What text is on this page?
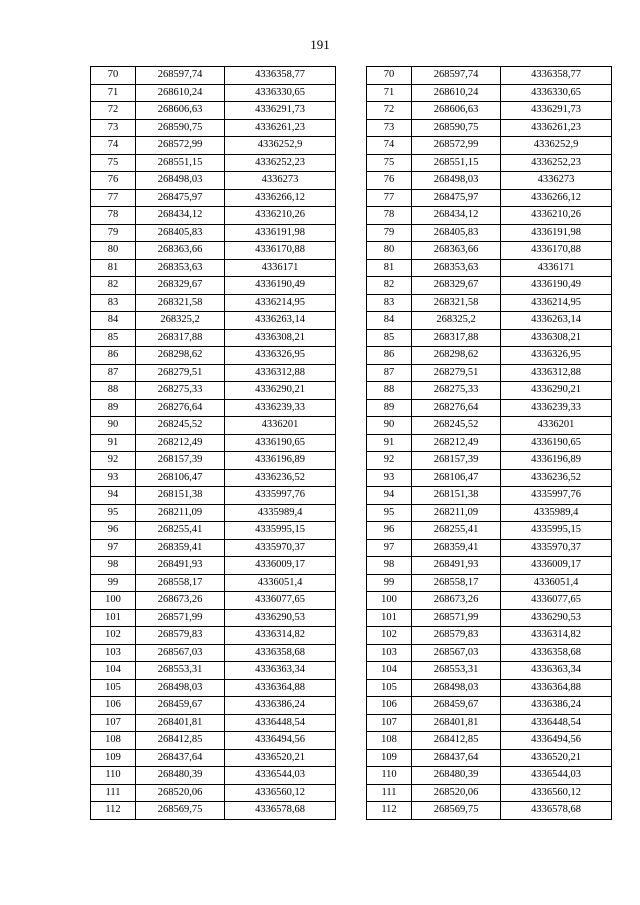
191
70	268597,74	4336358,77
71	268610,24	4336330,65
72	268606,63	4336291,73
73	268590,75	4336261,23
74	268572,99	4336252,9
75	268551,15	4336252,23
76	268498,03	4336273
77	268475,97	4336266,12
78	268434,12	4336210,26
79	268405,83	4336191,98
80	268363,66	4336170,88
81	268353,63	4336171
82	268329,67	4336190,49
83	268321,58	4336214,95
84	268325,2	4336263,14
85	268317,88	4336308,21
86	268298,62	4336326,95
87	268279,51	4336312,88
88	268275,33	4336290,21
89	268276,64	4336239,33
90	268245,52	4336201
91	268212,49	4336190,65
92	268157,39	4336196,89
93	268106,47	4336236,52
94	268151,38	4335997,76
95	268211,09	4335989,4
96	268255,41	4335995,15
97	268359,41	4335970,37
98	268491,93	4336009,17
99	268558,17	4336051,4
100	268673,26	4336077,65
101	268571,99	4336290,53
102	268579,83	4336314,82
103	268567,03	4336358,68
104	268553,31	4336363,34
105	268498,03	4336364,88
106	268459,67	4336386,24
107	268401,81	4336448,54
108	268412,85	4336494,56
109	268437,64	4336520,21
110	268480,39	4336544,03
111	268520,06	4336560,12
112	268569,75	4336578,68
70	268597,74	4336358,77
71	268610,24	4336330,65
72	268606,63	4336291,73
73	268590,75	4336261,23
74	268572,99	4336252,9
75	268551,15	4336252,23
76	268498,03	4336273
77	268475,97	4336266,12
78	268434,12	4336210,26
79	268405,83	4336191,98
80	268363,66	4336170,88
81	268353,63	4336171
82	268329,67	4336190,49
83	268321,58	4336214,95
84	268325,2	4336263,14
85	268317,88	4336308,21
86	268298,62	4336326,95
87	268279,51	4336312,88
88	268275,33	4336290,21
89	268276,64	4336239,33
90	268245,52	4336201
91	268212,49	4336190,65
92	268157,39	4336196,89
93	268106,47	4336236,52
94	268151,38	4335997,76
95	268211,09	4335989,4
96	268255,41	4335995,15
97	268359,41	4335970,37
98	268491,93	4336009,17
99	268558,17	4336051,4
100	268673,26	4336077,65
101	268571,99	4336290,53
102	268579,83	4336314,82
103	268567,03	4336358,68
104	268553,31	4336363,34
105	268498,03	4336364,88
106	268459,67	4336386,24
107	268401,81	4336448,54
108	268412,85	4336494,56
109	268437,64	4336520,21
110	268480,39	4336544,03
111	268520,06	4336560,12
112	268569,75	4336578,68
